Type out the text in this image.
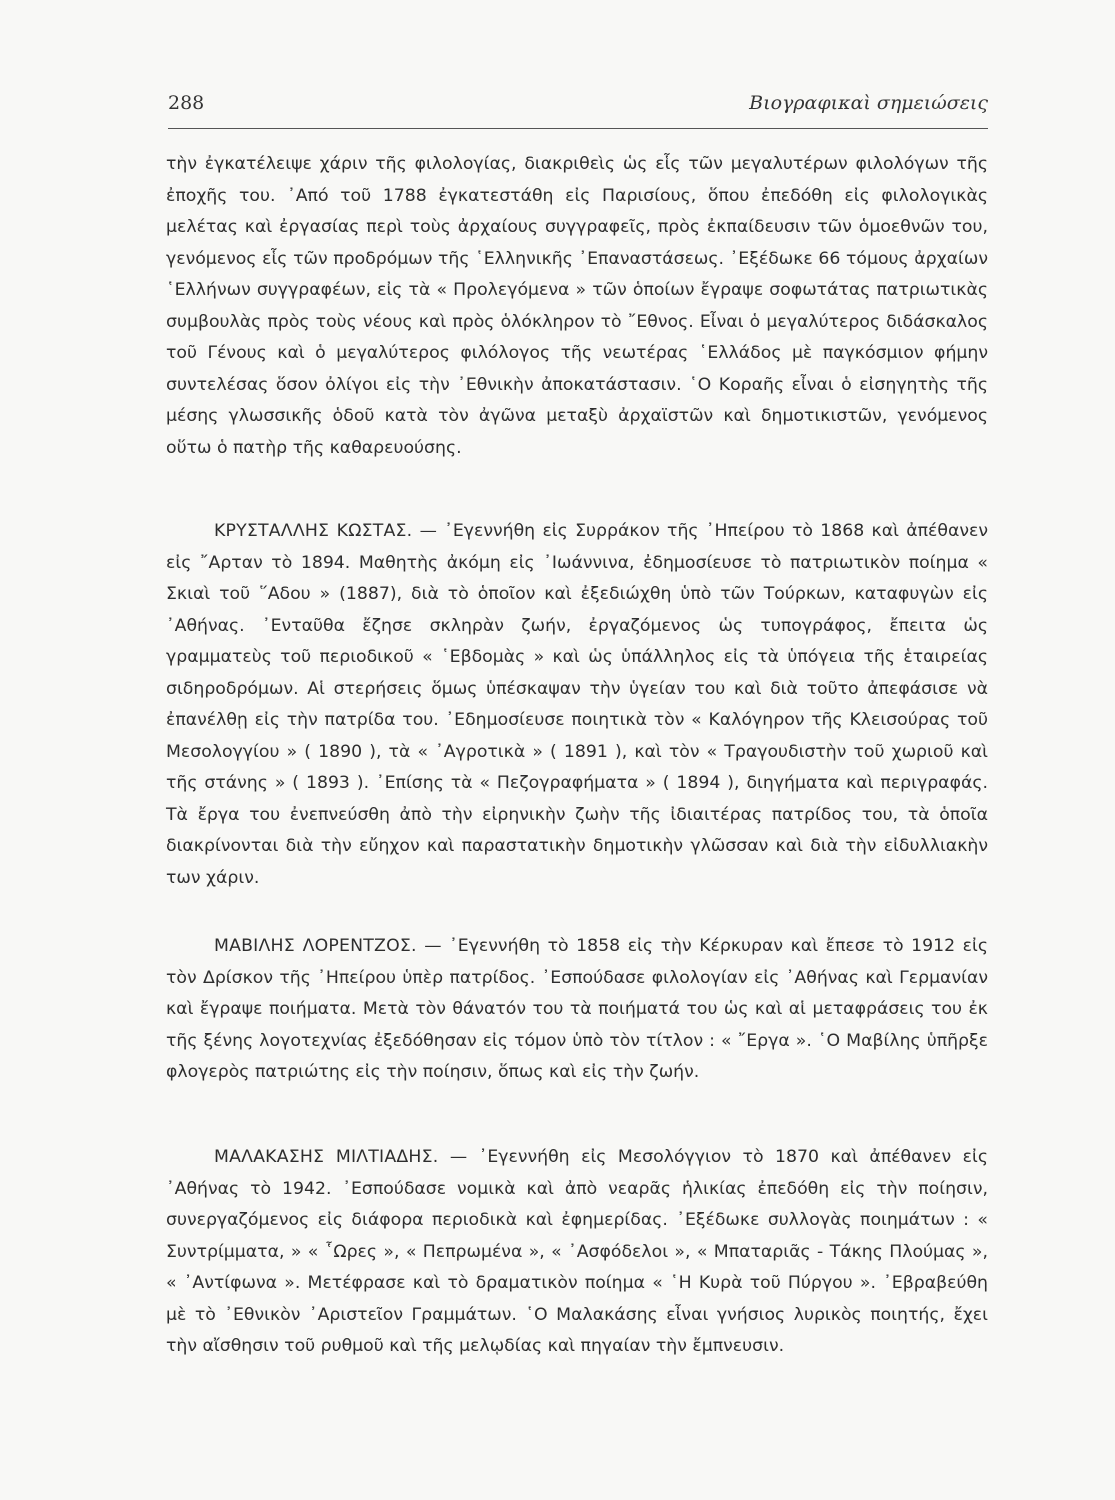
288	Βιογραφικαὶ σημειώσεις

τὴν ἐγκατέλειψε χάριν τῆς φιλολογίας, διακριθεὶς ὡς εἷς τῶν μεγαλυτέρων φιλολόγων τῆς ἐποχῆς του. ᾿Από τοῦ 1788 ἐγκατεστάθη εἰς Παρισίους, ὅπου ἐπεδόθη εἰς φιλολογικὰς μελέτας καὶ ἐργασίας περὶ τοὺς ἀρχαίους συγγραφεῖς, πρὸς ἐκπαίδευσιν τῶν ὁμοεθνῶν του, γενόμενος εἷς τῶν προδρόμων τῆς ῾Ελληνικῆς ᾿Επαναστάσεως. ᾿Εξέδωκε 66 τόμους ἀρχαίων ῾Ελλήνων συγγραφέων, εἰς τὰ « Προλεγόμενα » τῶν ὁποίων ἔγραψε σοφωτάτας πατριωτικὰς συμβουλὰς πρὸς τοὺς νέους καὶ πρὸς ὁλόκληρον τὸ ῎Εθνος. Εἶναι ὁ μεγαλύτερος διδάσκαλος τοῦ Γένους καὶ ὁ μεγαλύτερος φιλόλογος τῆς νεωτέρας ῾Ελλάδος μὲ παγκόσμιον φήμην συντελέσας ὅσον ὀλίγοι εἰς τὴν ᾿Εθνικὴν ἀποκατάστασιν. ῾Ο Κοραῆς εἶναι ὁ εἰσηγητὴς τῆς μέσης γλωσσικῆς ὁδοῦ κατὰ τὸν ἀγῶνα μεταξὺ ἀρχαϊστῶν καὶ δημοτικιστῶν, γενόμενος οὕτω ὁ πατὴρ τῆς καθαρευούσης.

ΚΡΥΣΤΑΛΛΗΣ ΚΩΣΤΑΣ. — ᾿Εγεννήθη εἰς Συρράκον τῆς ᾿Ηπείρου τὸ 1868 καὶ ἀπέθανεν εἰς ῎Αρταν τὸ 1894. Μαθητὴς ἀκόμη εἰς ᾿Ιωάννινα, ἐδημοσίευσε τὸ πατριωτικὸν ποίημα « Σκιαὶ τοῦ ῞Αδου » (1887), διὰ τὸ ὁποῖον καὶ ἐξεδιώχθη ὑπὸ τῶν Τούρκων, καταφυγὼν εἰς ᾿Αθήνας. ᾿Ενταῦθα ἔζησε σκληρὰν ζωήν, ἐργαζόμενος ὡς τυπογράφος, ἔπειτα ὡς γραμματεὺς τοῦ περιοδικοῦ « ῾Εβδομὰς » καὶ ὡς ὑπάλληλος εἰς τὰ ὑπόγεια τῆς ἑταιρείας σιδηροδρόμων. Αἱ στερήσεις ὅμως ὑπέσκαψαν τὴν ὑγείαν του καὶ διὰ τοῦτο ἀπεφάσισε νὰ ἐπανέλθῃ εἰς τὴν πατρίδα του. ᾿Εδημοσίευσε ποιητικὰ τὸν « Καλόγηρον τῆς Κλεισούρας τοῦ Μεσολογγίου » ( 1890 ), τὰ « ᾿Αγροτικὰ » ( 1891 ), καὶ τὸν « Τραγουδιστὴν τοῦ χωριοῦ καὶ τῆς στάνης » ( 1893 ). ᾿Επίσης τὰ « Πεζογραφήματα » ( 1894 ), διηγήματα καὶ περιγραφάς. Τὰ ἔργα του ἐνεπνεύσθη ἀπὸ τὴν εἰρηνικὴν ζωὴν τῆς ἰδιαιτέρας πατρίδος του, τὰ ὁποῖα διακρίνονται διὰ τὴν εὔηχον καὶ παραστατικὴν δημοτικὴν γλῶσσαν καὶ διὰ τὴν εἰδυλλιακὴν των χάριν.

ΜΑΒΙΛΗΣ ΛΟΡΕΝΤΖΟΣ. — ᾿Εγεννήθη τὸ 1858 εἰς τὴν Κέρκυραν καὶ ἔπεσε τὸ 1912 εἰς τὸν Δρίσκον τῆς ᾿Ηπείρου ὑπὲρ πατρίδος. ᾿Εσπούδασε φιλολογίαν εἰς ᾿Αθήνας καὶ Γερμανίαν καὶ ἔγραψε ποιήματα. Μετὰ τὸν θάνατόν του τὰ ποιήματά του ὡς καὶ αἱ μεταφράσεις του ἐκ τῆς ξένης λογοτεχνίας ἐξεδόθησαν εἰς τόμον ὑπὸ τὸν τίτλον : « ῎Εργα ». ῾Ο Μαβίλης ὑπῆρξε φλογερὸς πατριώτης εἰς τὴν ποίησιν, ὅπως καὶ εἰς τὴν ζωήν.

ΜΑΛΑΚΑΣΗΣ ΜΙΛΤΙΑΔΗΣ. — ᾿Εγεννήθη εἰς Μεσολόγγιον τὸ 1870 καὶ ἀπέθανεν εἰς ᾿Αθήνας τὸ 1942. ᾿Εσπούδασε νομικὰ καὶ ἀπὸ νεαρᾶς ἡλικίας ἐπεδόθη εἰς τὴν ποίησιν, συνεργαζόμενος εἰς διάφορα περιοδικὰ καὶ ἐφημερίδας. ᾿Εξέδωκε συλλογὰς ποιημάτων : « Συντρίμματα, » « ῟Ωρες », « Πεπρωμένα », « ᾿Ασφόδελοι », « Μπαταριᾶς - Τάκης Πλούμας », « ᾿Αντίφωνα ». Μετέφρασε καὶ τὸ δραματικὸν ποίημα « ῾Η Κυρὰ τοῦ Πύργου ». ᾿Εβραβεύθη μὲ τὸ ᾿Εθνικὸν ᾿Αριστεῖον Γραμμάτων. ῾Ο Μαλακάσης εἶναι γνήσιος λυρικὸς ποιητής, ἔχει τὴν αἴσθησιν τοῦ ρυθμοῦ καὶ τῆς μελῳδίας καὶ πηγαίαν τὴν ἔμπνευσιν.
